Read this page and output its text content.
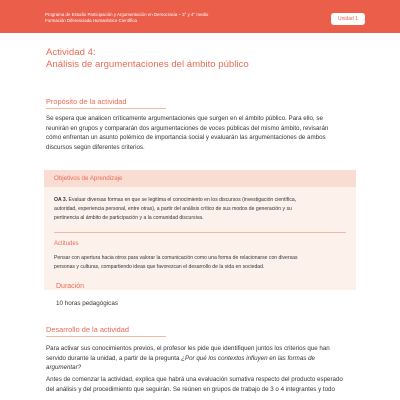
Programa de Estudio Participación y Argumentación en Democracia – 3° y 4° medio
Formación Diferenciada Humanístico-Científica	Unidad 1
Actividad 4:
Análisis de argumentaciones del ámbito público
Propósito de la actividad
Se espera que analicen críticamente argumentaciones que surgen en el ámbito público. Para ello, se
reunirán en grupos y compararán dos argumentaciones de voces públicas del mismo ámbito, revisarán
cómo enfrentan un asunto polémico de importancia social y evaluarán las argumentaciones de ambos
discursos según diferentes criterios.
Objetivos de Aprendizaje
OA 3. Evaluar diversas formas en que se legitima el conocimiento en los discursos (investigación científica,
autoridad, experiencia personal, entre otras), a partir del análisis crítico de sus modos de generación y su
pertinencia al ámbito de participación y a la comunidad discursiva.
Actitudes
Pensar con apertura hacia otros para valorar la comunicación como una forma de relacionarse con diversas
personas y culturas, compartiendo ideas que favorezcan el desarrollo de la vida en sociedad.
Duración
10 horas pedagógicas
Desarrollo de la actividad
Para activar sus conocimientos previos, el profesor les pide que identifiquen juntos los criterios que han
servido durante la unidad, a partir de la pregunta ¿Por qué los contextos influyen en las formas de
argumentar?
Antes de comenzar la actividad, explica que habrá una evaluación sumativa respecto del producto esperado
del análisis y del procedimiento que seguirán. Se reúnen en grupos de trabajo de 3 o 4 integrantes y todo
